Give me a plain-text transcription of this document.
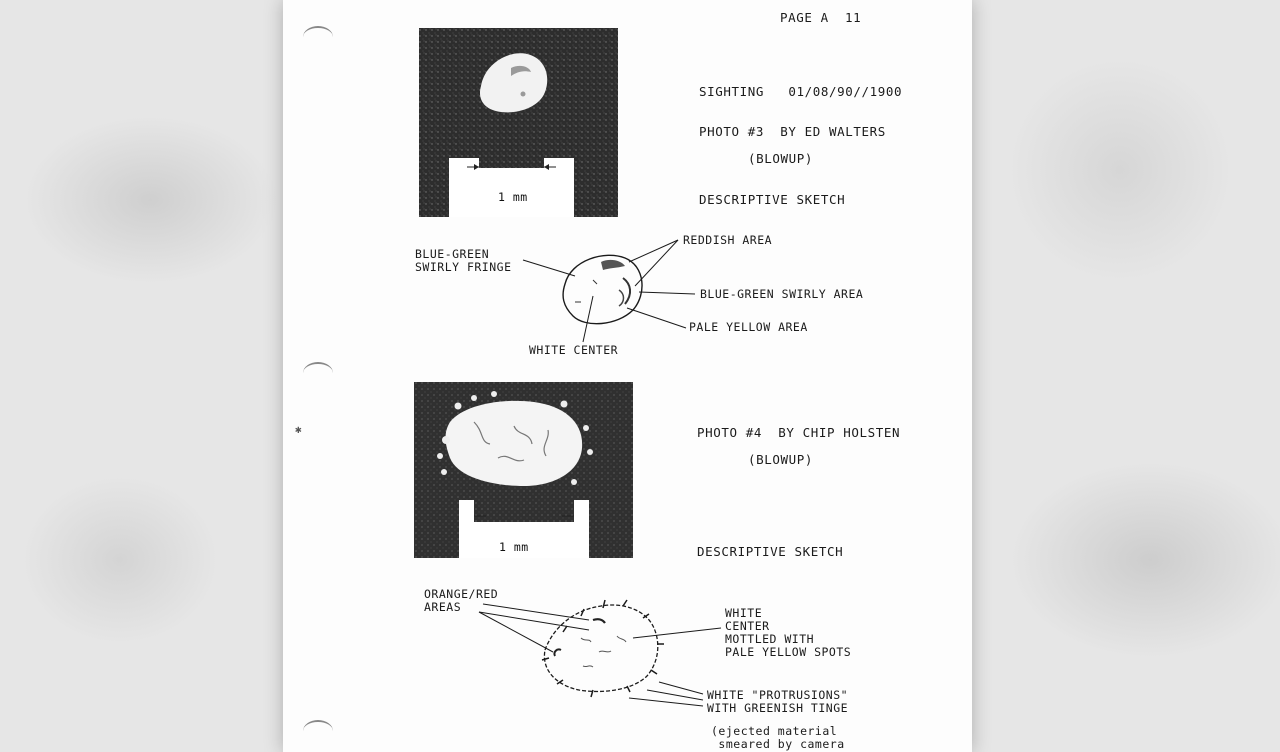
✱
PAGE A  11
1 mm
SIGHTING   01/08/90//1900
PHOTO #3  BY ED WALTERS
(BLOWUP)
DESCRIPTIVE SKETCH
BLUE-GREEN
SWIRLY FRINGE
REDDISH AREA
BLUE-GREEN SWIRLY AREA
PALE YELLOW AREA
WHITE CENTER
1 mm
PHOTO #4  BY CHIP HOLSTEN
(BLOWUP)
DESCRIPTIVE SKETCH
ORANGE/RED
AREAS	WHITE
CENTER
MOTTLED WITH
PALE YELLOW SPOTS
WHITE "PROTRUSIONS"
WITH GREENISH TINGE
(ejected material
smeared by camera
